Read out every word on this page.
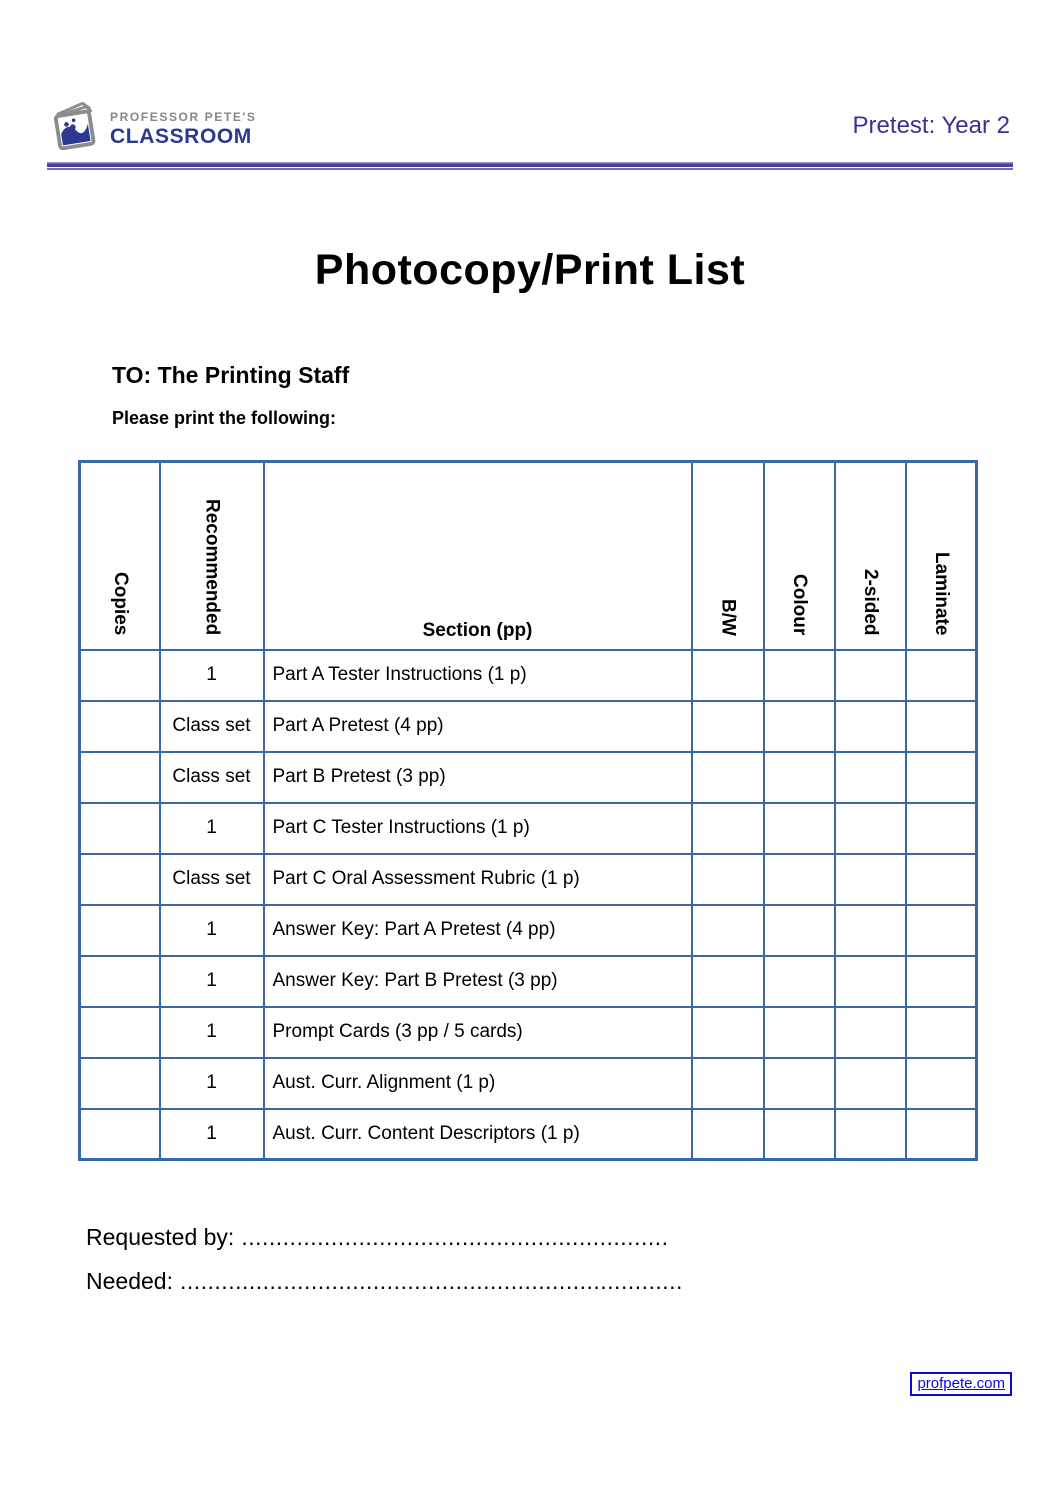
PROFESSOR PETE'S
CLASSROOM	Pretest: Year 2
Photocopy/Print List
TO: The Printing Staff
Please print the following:
Copies	Recommended	Section (pp)	B/W	Colour	2-sided	Laminate
	1	Part A Tester Instructions (1 p)				
	Class set	Part A Pretest (4 pp)				
	Class set	Part B Pretest (3 pp)				
	1	Part C Tester Instructions (1 p)				
	Class set	Part C Oral Assessment Rubric (1 p)				
	1	Answer Key: Part A Pretest (4 pp)				
	1	Answer Key: Part B Pretest (3 pp)				
	1	Prompt Cards (3 pp / 5 cards)				
	1	Aust. Curr. Alignment (1 p)				
	1	Aust. Curr. Content Descriptors (1 p)				
Requested by: ..............................................................
Needed: .........................................................................
profpete.com
